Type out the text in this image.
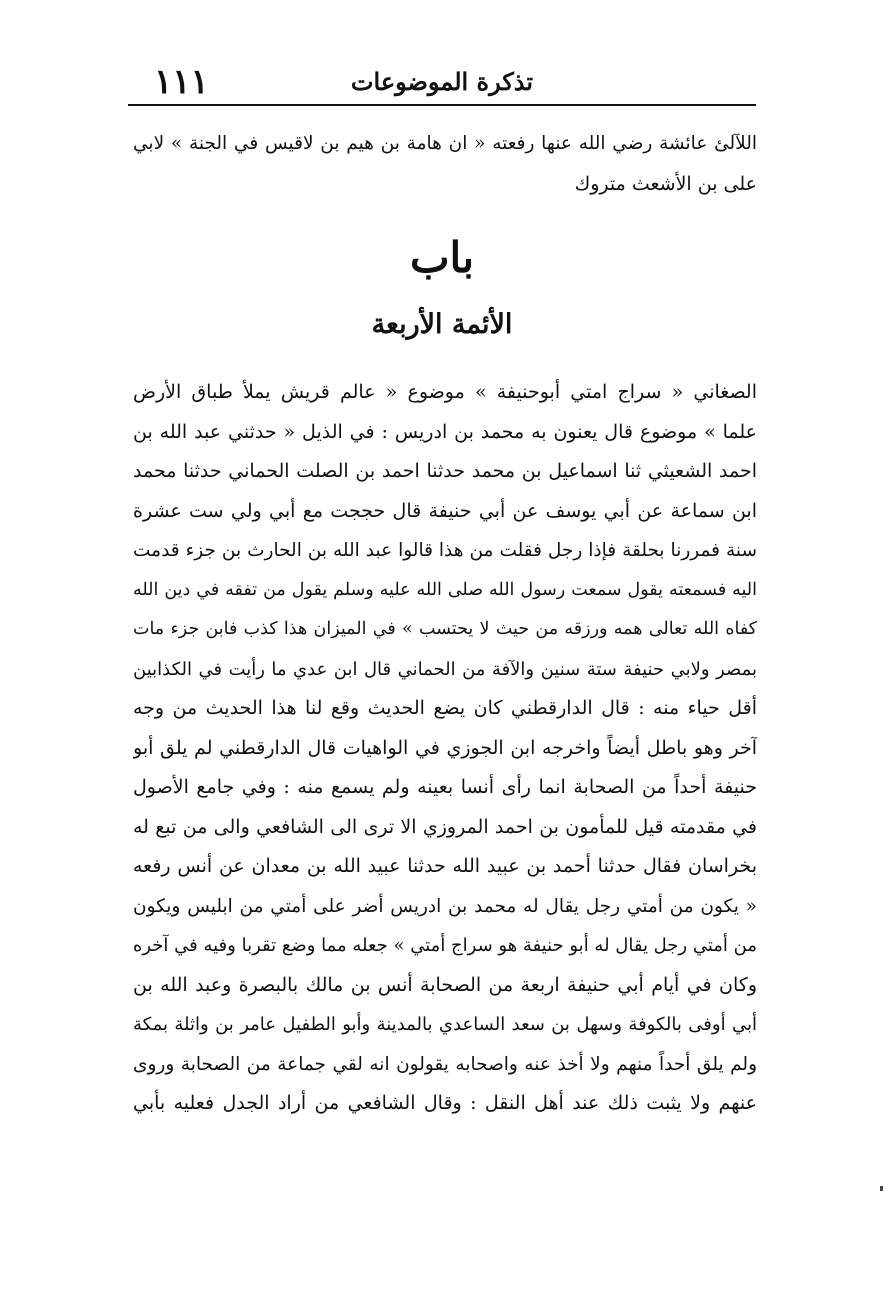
١١١	تذكرة الموضوعات
اللآلئ عائشة رضي الله عنها رفعته « ان هامة بن هيم بن لاقيس في الجنة » لابي
على بن الأشعث متروك
باب
الأئمة الأربعة
الصغاني « سراج امتي أبوحنيفة » موضوع « عالم قريش يملأ طباق الأرض
علما » موضوع قال يعنون به محمد بن ادريس : في الذيل « حدثني عبد الله بن
احمد الشعيثي ثنا اسماعيل بن محمد حدثنا احمد بن الصلت الحماني حدثنا محمد
ابن سماعة عن أبي يوسف عن أبي حنيفة قال حججت مع أبي ولي ست عشرة
سنة فمررنا بحلقة فإذا رجل فقلت من هذا قالوا عبد الله بن الحارث بن جزء قدمت
اليه فسمعته يقول سمعت رسول الله صلى الله عليه وسلم يقول من تفقه في دين الله
كفاه الله تعالى همه ورزقه من حيث لا يحتسب » في الميزان هذا كذب فابن جزء مات
بمصر ولابي حنيفة ستة سنين والآفة من الحماني قال ابن عدي ما رأيت في الكذابين
أقل حياء منه : قال الدارقطني كان يضع الحديث وقع لنا هذا الحديث من وجه
آخر وهو باطل أيضاً واخرجه ابن الجوزي في الواهيات قال الدارقطني لم يلق أبو
حنيفة أحداً من الصحابة انما رأى أنسا بعينه ولم يسمع منه : وفي جامع الأصول
في مقدمته قيل للمأمون بن احمد المروزي الا ترى الى الشافعي والى من تبع له
بخراسان فقال حدثنا أحمد بن عبيد الله حدثنا عبيد الله بن معدان عن أنس رفعه
« يكون من أمتي رجل يقال له محمد بن ادريس أضر على أمتي من ابليس ويكون
من أمتي رجل يقال له أبو حنيفة هو سراج أمتي » جعله مما وضع تقربا وفيه في آخره
وكان في أيام أبي حنيفة اربعة من الصحابة أنس بن مالك بالبصرة وعبد الله بن
أبي أوفى بالكوفة وسهل بن سعد الساعدي بالمدينة وأبو الطفيل عامر بن واثلة بمكة
ولم يلق أحداً منهم ولا أخذ عنه واصحابه يقولون انه لقي جماعة من الصحابة وروى
عنهم ولا يثبت ذلك عند أهل النقل : وقال الشافعي من أراد الجدل فعليه بأبي
